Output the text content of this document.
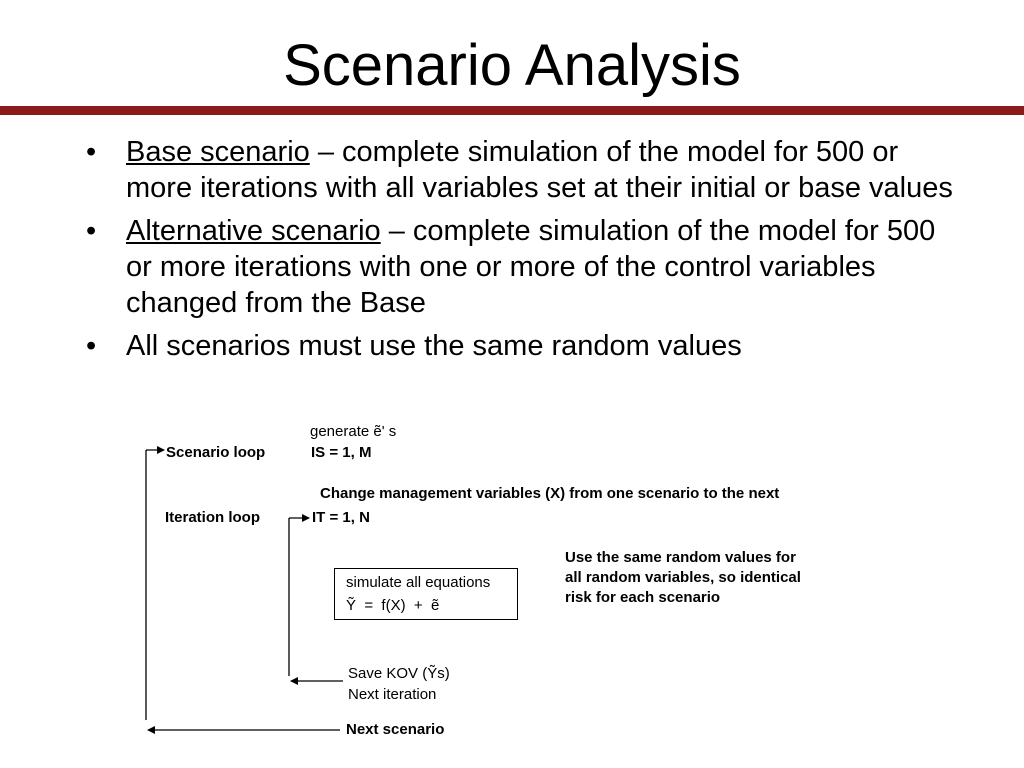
Scenario Analysis
• Base scenario – complete simulation of the model for 500 or more iterations with all variables set at their initial or base values
• Alternative scenario – complete simulation of the model for 500 or more iterations with one or more of the control variables changed from the Base
• All scenarios must use the same random values
generate ẽ' s
Scenario loop	IS = 1, M
Change management variables (X) from one scenario to the next
Iteration loop	IT = 1, N
Use the same random values for
all random variables, so identical
risk for each scenario
simulate all equations
Ỹ  =  f(X)  +  ẽ
Save KOV (Ỹs)
Next iteration
Next scenario
